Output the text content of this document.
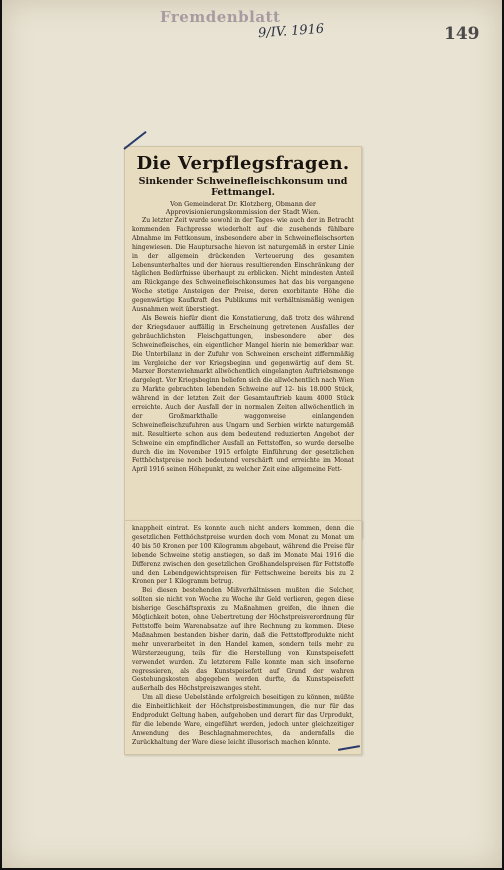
Fremdenblatt
9/IV. 1916	149
Die Verpflegsfragen.
Sinkender Schweinefleischkonsum und Fettmangel.
Von Gemeinderat Dr. Klotzberg, Obmann der Approvisionierungskommission der Stadt Wien.

Zu letzter Zeit wurde sowohl in der Tages- wie auch der in Betracht kommenden Fachpresse wiederholt auf die zusehends fühlbare Abnahme im Fettkonsum, insbesondere aber in Schweinefleischsorten hingewiesen. Die Hauptursache hievon ist naturgemäß in erster Linie in der allgemein drückenden Verteuerung des gesamten Lebensunterhaltes und der hieraus resultierenden Einschränkung der täglichen Bedürfnisse überhaupt zu erblicken. Nicht mindesten Anteil am Rückgange des Schweinefleischkonsumes hat das bis vergangene Woche stetige Ansteigen der Preise, deren exorbitante Höhe die gegenwärtige Kaufkraft des Publikums mit verhältnismäßig wenigen Ausnahmen weit überstiegt.

Als Beweis hiefür dient die Konstatierung, daß trotz des während der Kriegsdauer auffällig in Erscheinung getretenen Ausfalles der gebräuchlichsten Fleischgattungen, insbesondere aber des Schweinefleisches, ein eigentlicher Mangel hierin nie bemerkbar war. Die Unterbilanz in der Zufuhr von Schweinen erscheint ziffernmäßig im Vergleiche der vor Kriegsbeginn und gegenwärtig auf dem St. Marxer Borstenviehmarkt allwöchentlich eingelangten Auftriebsmenge dargelegt. Vor Kriegsbeginn beliefen sich die allwöchentlich nach Wien zu Markte gebrachten lebenden Schweine auf 12- bis 18.000 Stück, während in der letzten Zeit der Gesamtauftrieb kaum 4000 Stück erreichte. Auch der Ausfall der in normalen Zeiten allwöchentlich in der Großmarkthalle waggonweise einlangenden Schweinefleischzufuhren aus Ungarn und Serbien wirkte naturgemäß mit. Resultierte schon aus dem bedeutend reduzierten Angebot der Schweine ein empfindlicher Ausfall an Fettstoffen, so wurde derselbe durch die im November 1915 erfolgte Einführung der gesetzlichen Fetthöchstpreise noch bedeutend verschärft und erreichte im Monat April 1916 seinen Höhepunkt, zu welcher Zeit eine allgemeine Fett-

knappheit eintrat. Es konnte auch nicht anders kommen, denn die gesetzlichen Fetthöchstpreise wurden doch vom Monat zu Monat um 40 bis 50 Kronen per 100 Kilogramm abgebaut, während die Preise für lebende Schweine stetig anstiegen, so daß im Monate Mai 1916 die Differenz zwischen den gesetzlichen Großhandelspreisen für Fettstoffe und den Lebendgewichtspreisen für Fettschweine bereits bis zu 2 Kronen per 1 Kilogramm betrug.

Bei diesen bestehenden Mißverhältnissen mußten die Selcher, sollten sie nicht von Woche zu Woche ihr Geld verlieren, gegen diese bisherige Geschäftspraxis zu Maßnahmen greifen, die ihnen die Möglichkeit boten, ohne Uebertretung der Höchstpreisverordnung für Fettstoffe beim Warenabsatze auf ihre Rechnung zu kommen. Diese Maßnahmen bestanden bisher darin, daß die Fettstoffprodukte nicht mehr unverarbeitet in den Handel kamen, sondern teils mehr zu Würsterzeugung, teils für die Herstellung von Kunstspeisefett verwendet wurden. Zu letzterem Falle konnte man sich insoferne regressieren, als das Kunstspeisefett auf Grund der wahren Gestehungskosten abgegeben werden durfte, da Kunstspeisefett außerhalb des Höchstpreiszwanges steht.

Um all diese Uebelstände erfolgreich beseitigen zu können, müßte die Einheitlichkeit der Höchstpreisbestimmungen, die nur für das Endprodukt Geltung haben, aufgehoben und derart für das Urprodukt, für die lebende Ware, eingeführt werden, jedoch unter gleichzeitiger Anwendung des Beschlagnahmerechtes, da andernfalls die Zurückhaltung der Ware diese leicht illusorisch machen könnte.
